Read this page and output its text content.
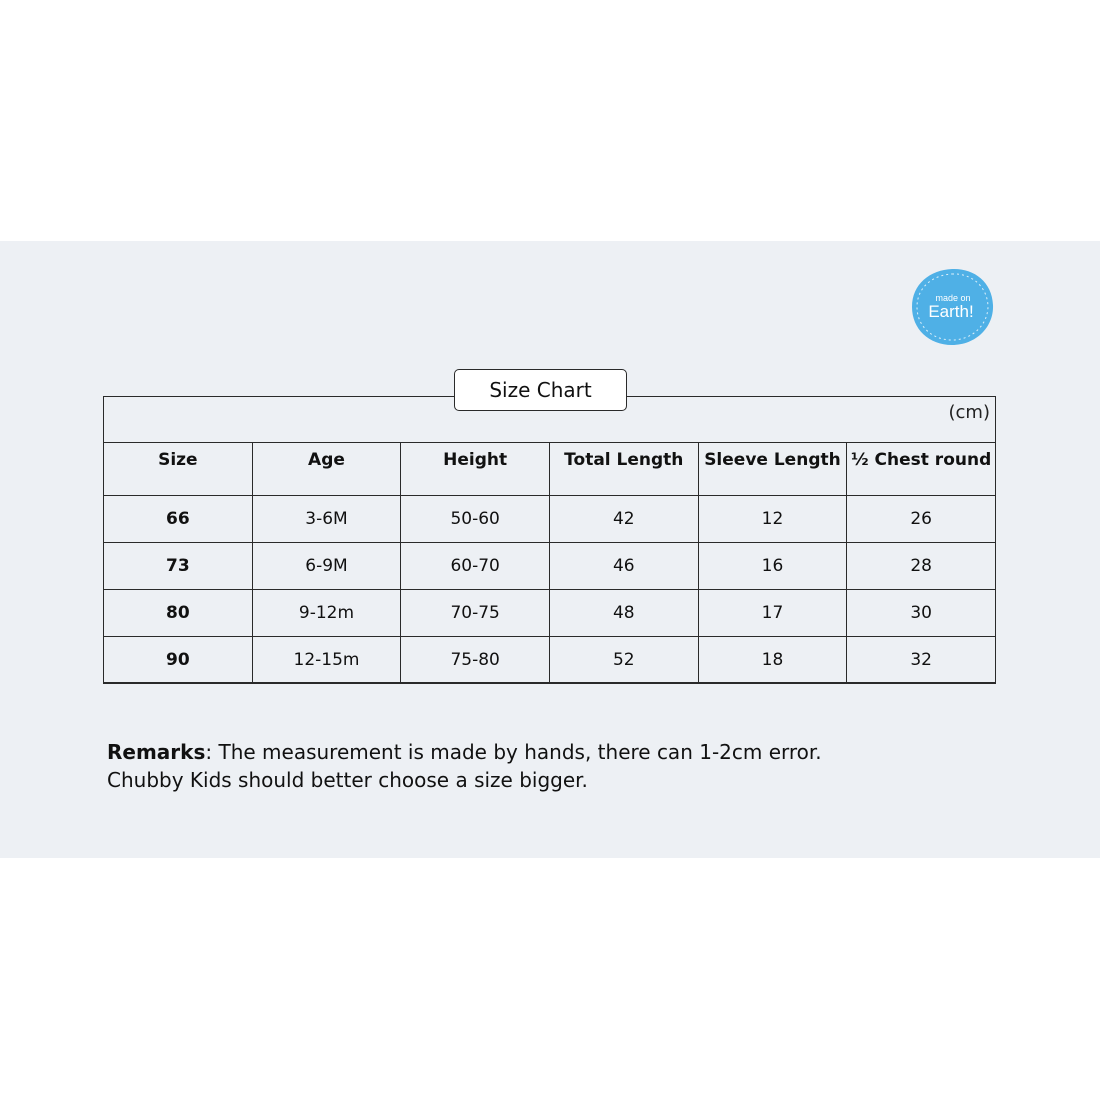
made on
Earth!
Size Chart
(cm)
Size	Age	Height	Total Length	Sleeve Length	½ Chest round
66	3-6M	50-60	42	12	26
73	6-9M	60-70	46	16	28
80	9-12m	70-75	48	17	30
90	12-15m	75-80	52	18	32
Remarks: The measurement is made by hands, there can 1-2cm error.
Chubby Kids should better choose a size bigger.
